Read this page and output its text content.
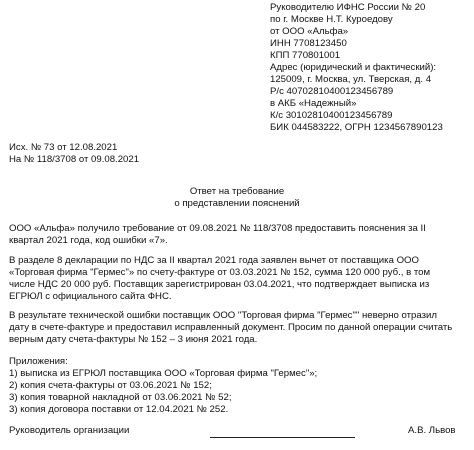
Руководителю ИФНС России № 20
по г. Москве Н.Т. Куроедову
от ООО «Альфа»
ИНН 7708123450
КПП 770801001
Адрес (юридический и фактический):
125009, г. Москва, ул. Тверская, д. 4
Р/с 40702810400123456789
в АКБ «Надежный»
К/с 30102810400123456789
БИК 044583222, ОГРН 1234567890123
Исх. № 73 от 12.08.2021
На № 118/3708 от 09.08.2021
Ответ на требование
о представлении пояснений
ООО «Альфа» получило требование от 09.08.2021 № 118/3708 предоставить пояснения за II
квартал 2021 года, код ошибки «7».
В разделе 8 декларации по НДС за II квартал 2021 года заявлен вычет от поставщика ООО
«Торговая фирма "Гермес"» по счету-фактуре от 03.03.2021 № 152, сумма 120 000 руб., в том
числе НДС 20 000 руб. Поставщик зарегистрирован 03.04.2021, что подтверждает выписка из
ЕГРЮЛ с официального сайта ФНС.
В результате технической ошибки поставщик ООО "Торговая фирма "Гермес"" неверно отразил
дату в счете-фактуре и предоставил исправленный документ. Просим по данной операции считать
верным дату счета-фактуры № 152 – 3 июня 2021 года.
Приложения:
1) выписка из ЕГРЮЛ поставщика ООО «Торговая фирма "Гермес"»;
2) копия счета-фактуры от 03.06.2021 № 152;
3) копия товарной накладной от 03.06.2021 № 52;
3) копия договора поставки от 12.04.2021 № 252.
Руководитель организации	А.В. Львов
